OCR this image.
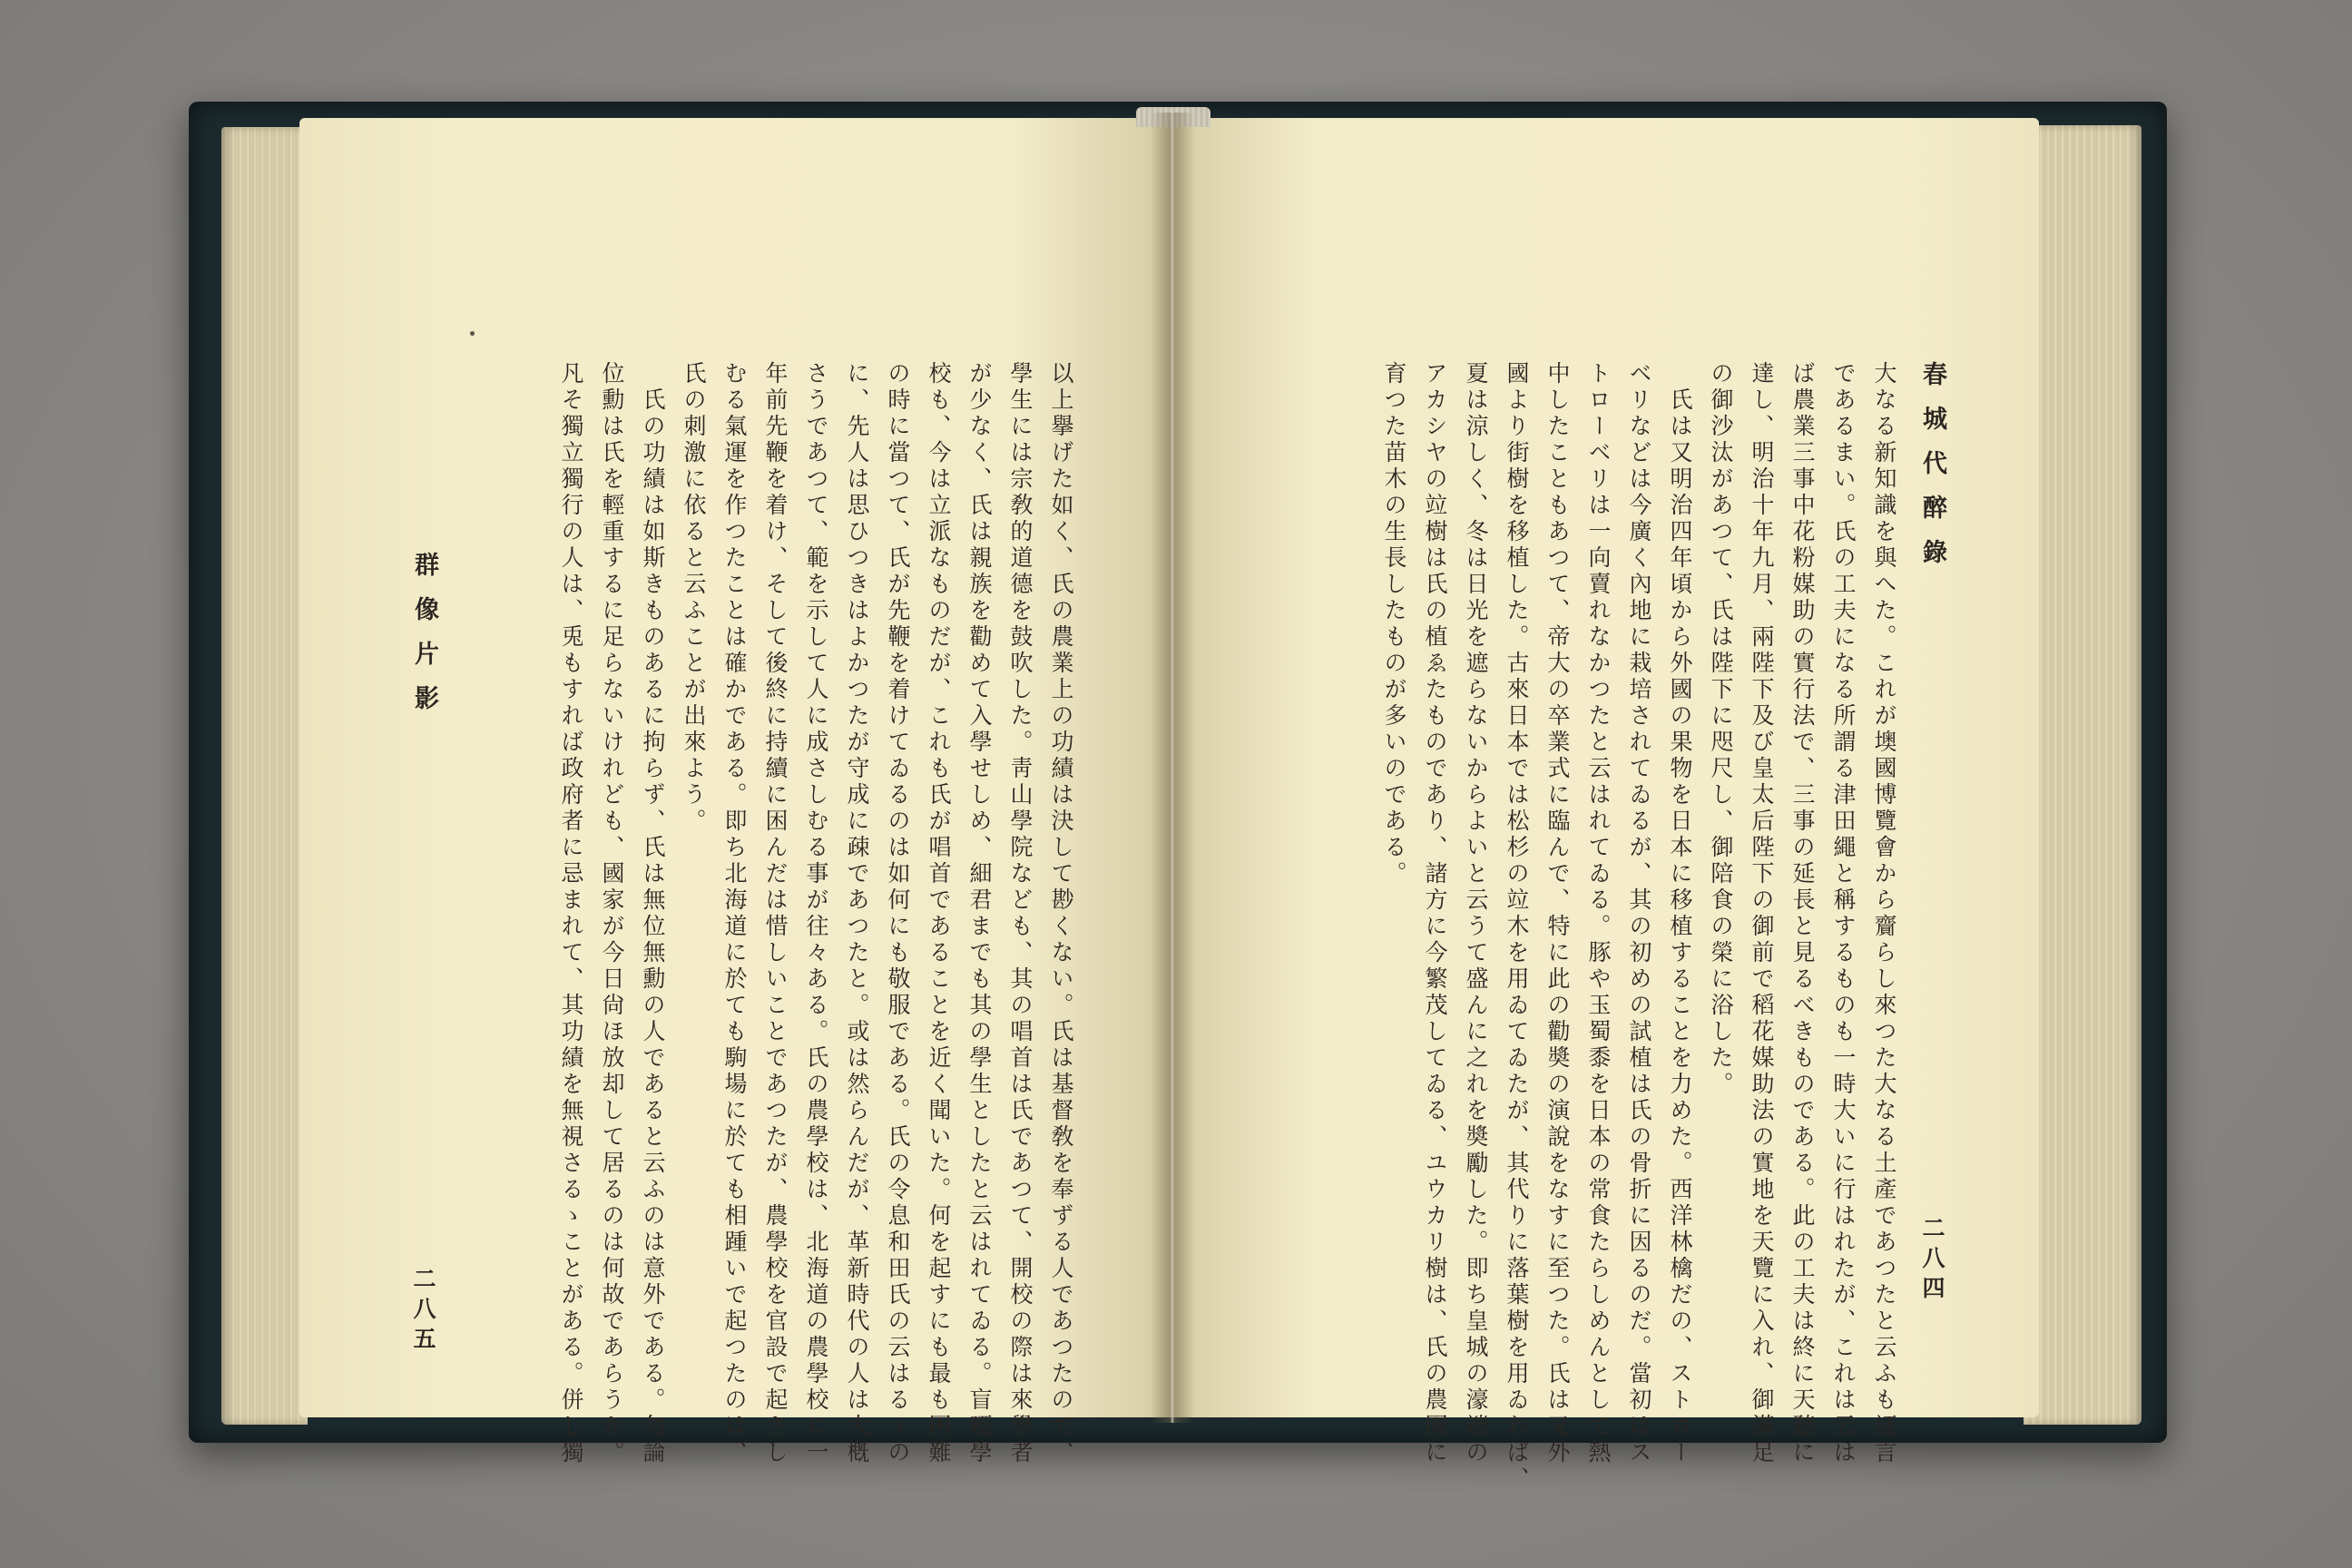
以上擧げた如く、氏の農業上の功績は決して尠くない。氏は基督敎を奉ずる人であつたので、
學生には宗敎的道德を鼓吹した。靑山學院なども、其の唱首は氏であつて、開校の際は來學者
が少なく、氏は親族を勸めて入學せしめ、細君までも其の學生としたと云はれてゐる。盲啞學
校も、今は立派なものだが、これも氏が唱首であることを近く聞いた。何を起すにも最も困難
の時に當つて、氏が先鞭を着けてゐるのは如何にも敬服である。氏の令息和田氏の云はるゝの
に、先人は思ひつきはよかつたが守成に疎であつたと。或は然らんだが、革新時代の人は大槪
さうであつて、範を示して人に成さしむる事が往々ある。氏の農學校は、北海道の農學校に一
年前先鞭を着け、そして後終に持續に困んだは惜しいことであつたが、農學校を官設で起さし
むる氣運を作つたことは確かである。即ち北海道に於ても駒場に於ても相踵いで起つたのは、
氏の刺激に依ると云ふことが出來よう。
　氏の功績は如斯きものあるに拘らず、氏は無位無勳の人であると云ふのは意外である。勿論
位勳は氏を輕重するに足らないけれども、國家が今日尙ほ放却して居るのは何故であらうか。
凡そ獨立獨行の人は、兎もすれば政府者に忌まれて、其功績を無視さるゝことがある。併し獨
群像片影
二八五
春城代醉錄
大なる新知識を與へた。これが墺國博覽會から齎らし來つた大なる土產であつたと云ふも誣言
であるまい。氏の工夫になる所謂る津田繩と稱するものも一時大いに行はれたが、これは云は
ば農業三事中花粉媒助の實行法で、三事の延長と見るべきものである。此の工夫は終に天聽に
達し、明治十年九月、兩陛下及び皇太后陛下の御前で稻花媒助法の實地を天覽に入れ、御滿足
の御沙汰があつて、氏は陛下に咫尺し、御陪食の榮に浴した。
　氏は又明治四年頃から外國の果物を日本に移植することを力めた。西洋林檎だの、ストロー
ベリなどは今廣く內地に栽培されてゐるが、其の初めの試植は氏の骨折に因るのだ。當初はス
トローベリは一向賣れなかつたと云はれてゐる。豚や玉蜀黍を日本の常食たらしめんとして熱
中したこともあつて、帝大の卒業式に臨んで、特に此の勸奬の演說をなすに至つた。氏は又外
國より街樹を移植した。古來日本では松杉の竝木を用ゐてゐたが、其代りに落葉樹を用ゐれば、
夏は涼しく、冬は日光を遮らないからよいと云うて盛んに之れを奬勵した。即ち皇城の濠端の
アカシヤの竝樹は氏の植ゑたものであり、諸方に今繁茂してゐる、ユウカリ樹は、氏の農園に
育つた苗木の生長したものが多いのである。
二八四
